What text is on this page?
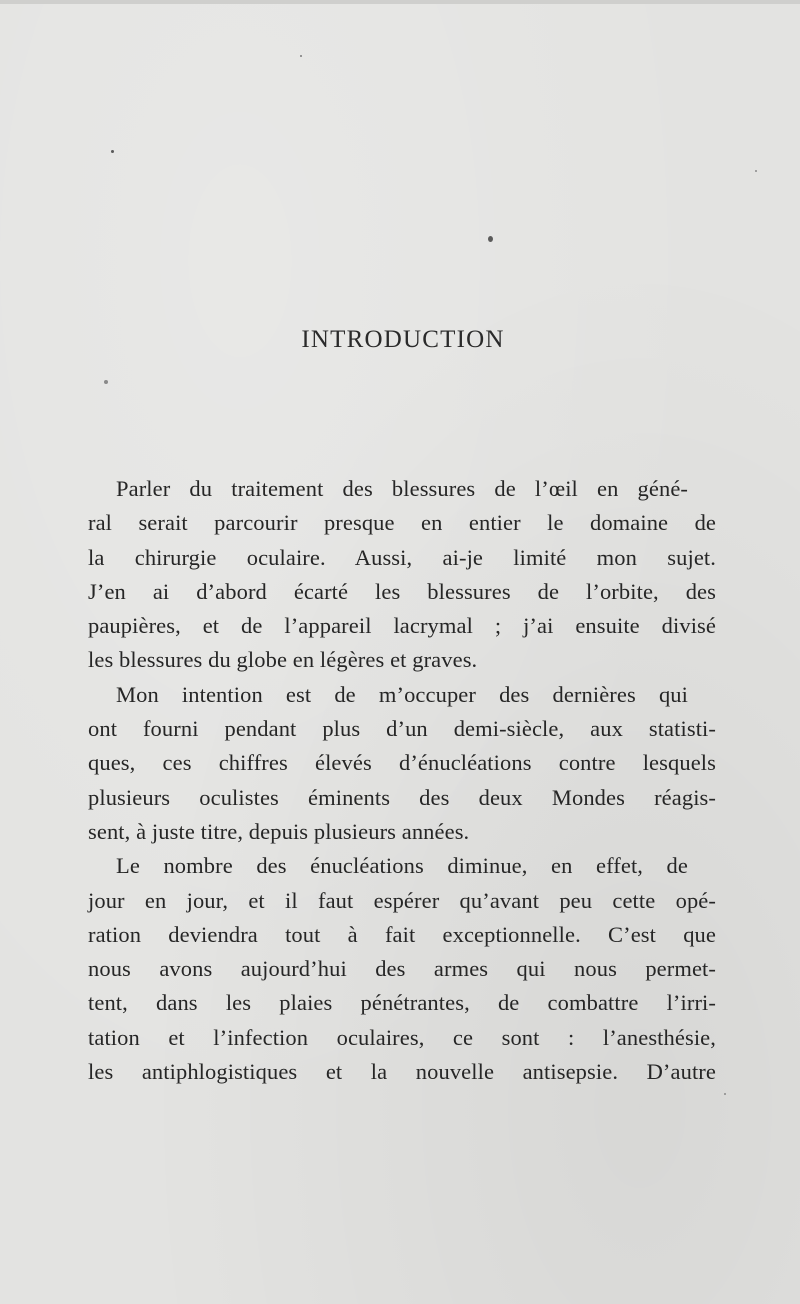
INTRODUCTION
Parler du traitement des blessures de l’œil en géné-
ral serait parcourir presque en entier le domaine de
la chirurgie oculaire. Aussi, ai-je limité mon sujet.
J’en ai d’abord écarté les blessures de l’orbite, des
paupières, et de l’appareil lacrymal ; j’ai ensuite divisé
les blessures du globe en légères et graves.
Mon intention est de m’occuper des dernières qui
ont fourni pendant plus d’un demi-siècle, aux statisti-
ques, ces chiffres élevés d’énucléations contre lesquels
plusieurs oculistes éminents des deux Mondes réagis-
sent, à juste titre, depuis plusieurs années.
Le nombre des énucléations diminue, en effet, de
jour en jour, et il faut espérer qu’avant peu cette opé-
ration deviendra tout à fait exceptionnelle. C’est que
nous avons aujourd’hui des armes qui nous permet-
tent, dans les plaies pénétrantes, de combattre l’irri-
tation et l’infection oculaires, ce sont : l’anesthésie,
les antiphlogistiques et la nouvelle antisepsie. D’autre
